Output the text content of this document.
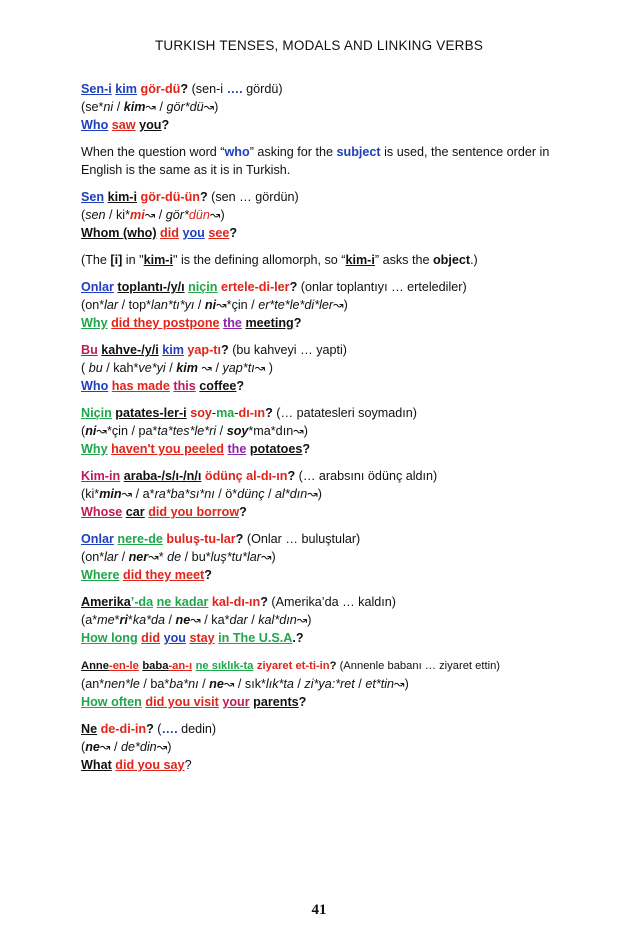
TURKISH TENSES, MODALS AND LINKING VERBS
Sen-i kim gör-dü? (sen-i …. gördü)
(se*ni / kim↝ / gör*dü↝)
Who saw you?
When the question word “who” asking for the subject is used, the sentence order in English is the same as it is in Turkish.
Sen kim-i gör-dü-ün? (sen … gördün)
(sen / ki*mi↝ / gör*dün↝)
Whom (who) did you see?
(The [i] in "kim-i" is the defining allomorph, so “kim-i” asks the object.)
Onlar toplantı-/y/ı niçin ertele-di-ler? (onlar toplantıyı … ertelediler)
(on*lar / top*lan*tı*yı / ni↝*çin / er*te*le*di*ler↝)
Why did they postpone the meeting?
Bu kahve-/y/i kim yap-tı? (bu kahveyi … yapti)
( bu / kah*ve*yi / kim ↝ / yap*tı↝ )
Who has made this coffee?
Niçin patates-ler-i soy-ma-dı-ın? (… patatesleri soymadın)
(ni↝*çin / pa*ta*tes*le*ri / soy*ma*dın↝)
Why haven't you peeled the potatoes?
Kim-in araba-/s/ı-/n/ı ödünç al-dı-ın? (… arabsını ödünç aldın)
(ki*min↝ / a*ra*ba*sı*nı / ö*dünç / al*dın↝)
Whose car did you borrow?
Onlar nere-de buluş-tu-lar? (Onlar … buluştular)
(on*lar / ner↝* de / bu*luş*tu*lar↝)
Where did they meet?
Amerika’-da ne kadar kal-dı-ın? (Amerika’da … kaldın)
(a*me*ri*ka*da / ne↝ / ka*dar / kal*dın↝)
How long did you stay in The U.S.A.?
Anne-en-le baba-an-ı ne sıklık-ta ziyaret et-ti-in? (Annenle babanı … ziyaret ettin)
(an*nen*le / ba*ba*nı / ne↝ / sık*lık*ta / zi*ya:*ret / et*tin↝)
How often did you visit your parents?
Ne de-di-in? (…. dedin)
(ne↝ / de*din↝)
What did you say?
41
